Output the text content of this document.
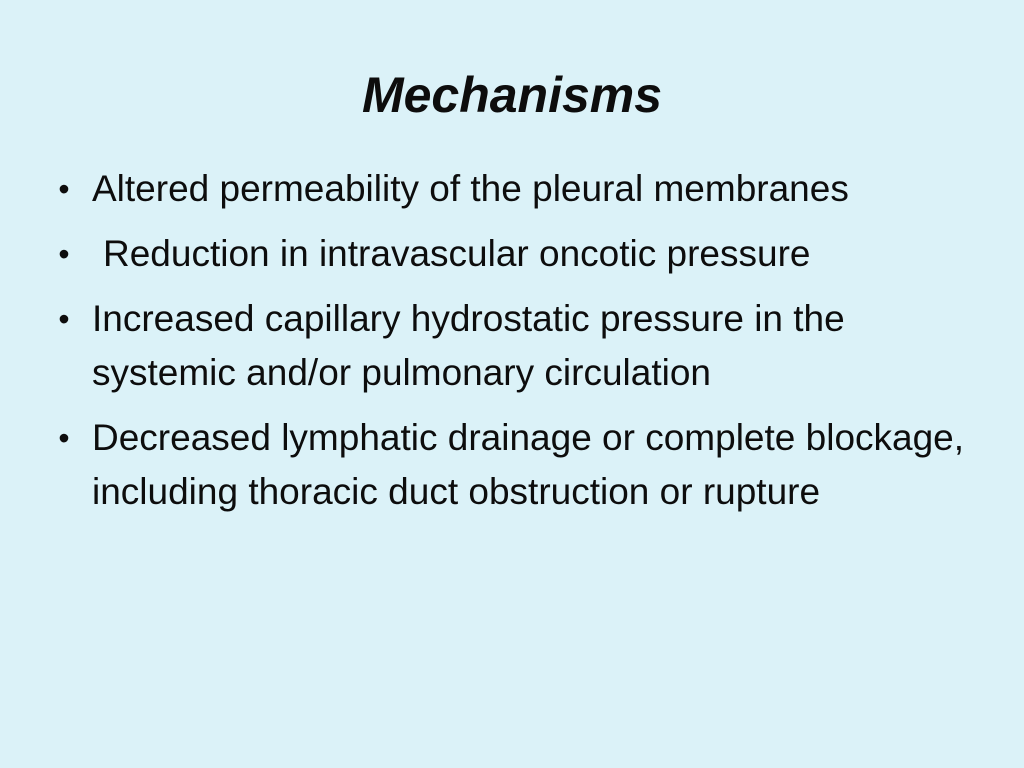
Mechanisms
• Altered permeability of the pleural membranes
• Reduction in intravascular oncotic pressure
• Increased capillary hydrostatic pressure in the systemic and/or pulmonary circulation
• Decreased lymphatic drainage or complete blockage, including thoracic duct obstruction or rupture
